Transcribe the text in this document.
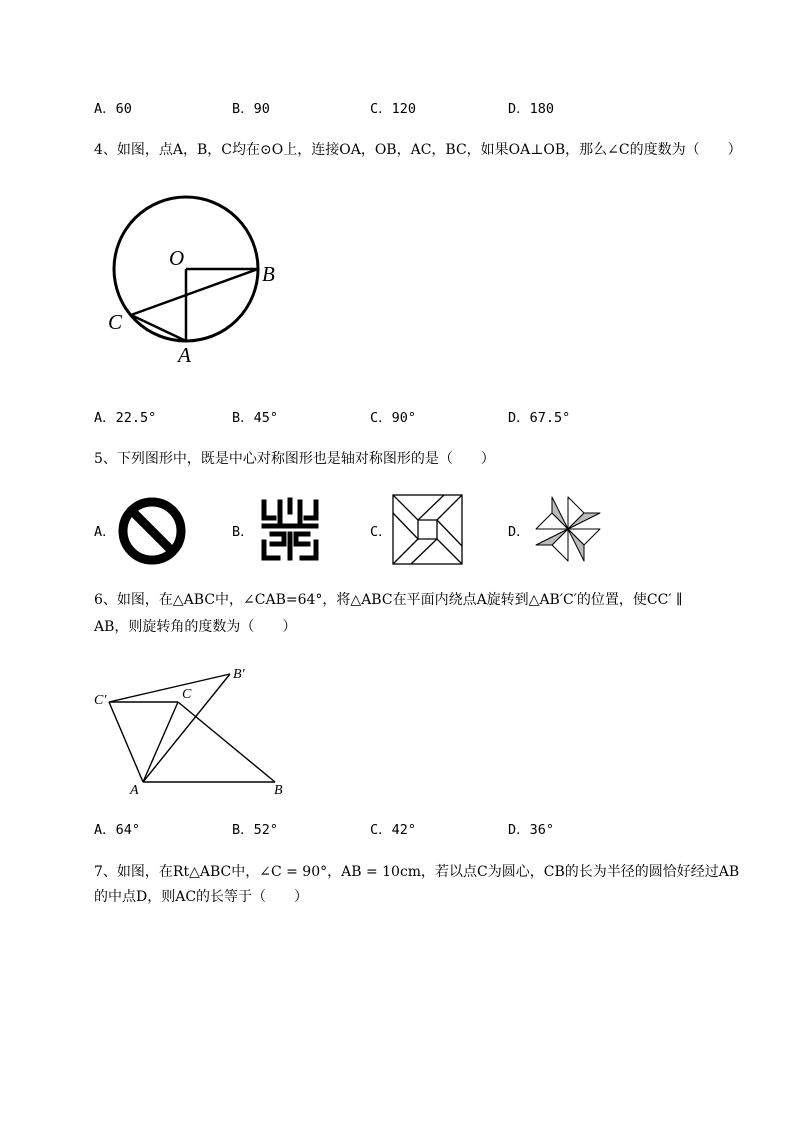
A．60	B．90	C．120	D．180
4、如图，点A，B，C均在⊙O上，连接OA，OB，AC，BC，如果OA⊥OB，那么∠C的度数为（　　）
O
B
C
A
A．22.5°	B．45°	C．90°	D．67.5°
5、下列图形中，既是中心对称图形也是轴对称图形的是（　　）
A．	B．	C．	D．
6、如图，在△ABC中，∠CAB=64°，将△ABC在平面内绕点A旋转到△AB′C′的位置，使CC′ ∥
AB，则旋转角的度数为（　　）
B′
C′	C
A	B
A．64°	B．52°	C．42°	D．36°
7、如图，在Rt△ABC中，∠C = 90°，AB = 10cm，若以点C为圆心，CB的长为半径的圆恰好经过AB
的中点D，则AC的长等于（　　）
